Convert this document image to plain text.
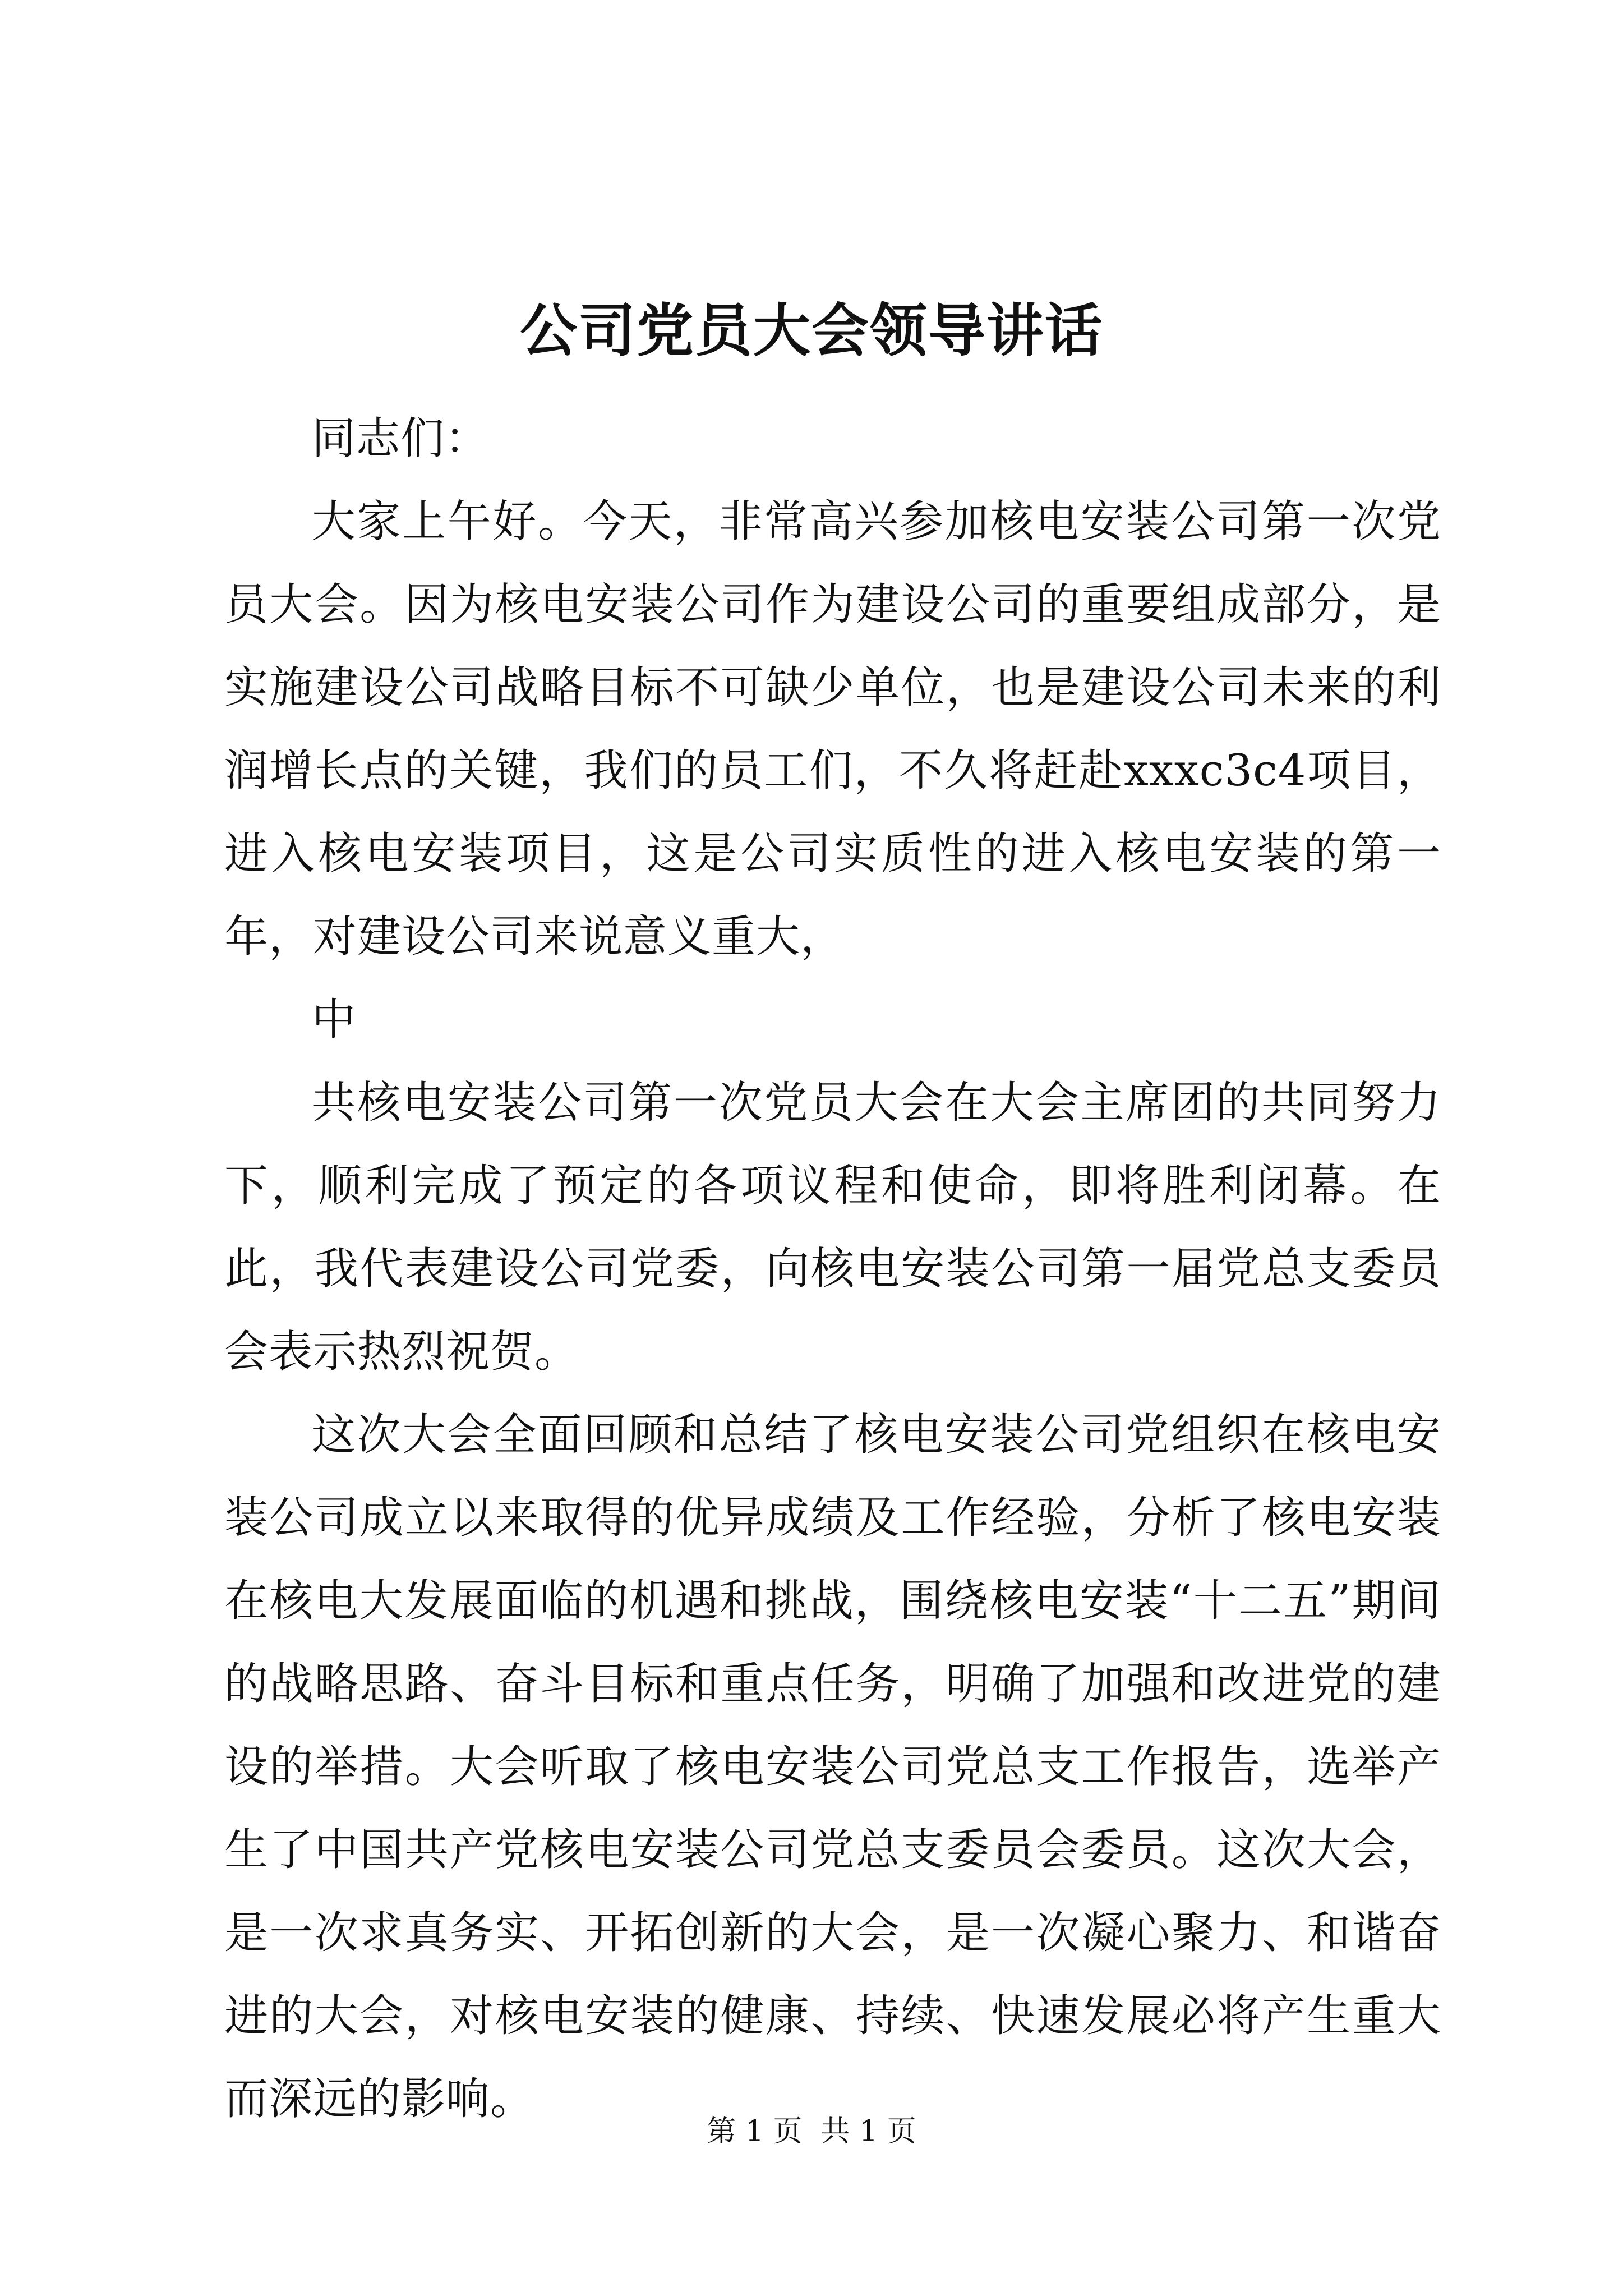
公司党员大会领导讲话

同志们：

大家上午好。今天，非常高兴参加核电安装公司第一次党员大会。因为核电安装公司作为建设公司的重要组成部分，是实施建设公司战略目标不可缺少单位，也是建设公司未来的利润增长点的关键，我们的员工们，不久将赶赴xxxc3c4项目，进入核电安装项目，这是公司实质性的进入核电安装的第一年，对建设公司来说意义重大，

中

共核电安装公司第一次党员大会在大会主席团的共同努力下，顺利完成了预定的各项议程和使命，即将胜利闭幕。在此，我代表建设公司党委，向核电安装公司第一届党总支委员会表示热烈祝贺。

这次大会全面回顾和总结了核电安装公司党组织在核电安装公司成立以来取得的优异成绩及工作经验，分析了核电安装在核电大发展面临的机遇和挑战，围绕核电安装“十二五”期间的战略思路、奋斗目标和重点任务，明确了加强和改进党的建设的举措。大会听取了核电安装公司党总支工作报告，选举产生了中国共产党核电安装公司党总支委员会委员。这次大会，是一次求真务实、开拓创新的大会，是一次凝心聚力、和谐奋进的大会，对核电安装的健康、持续、快速发展必将产生重大而深远的影响。

第 1 页  共 1 页
